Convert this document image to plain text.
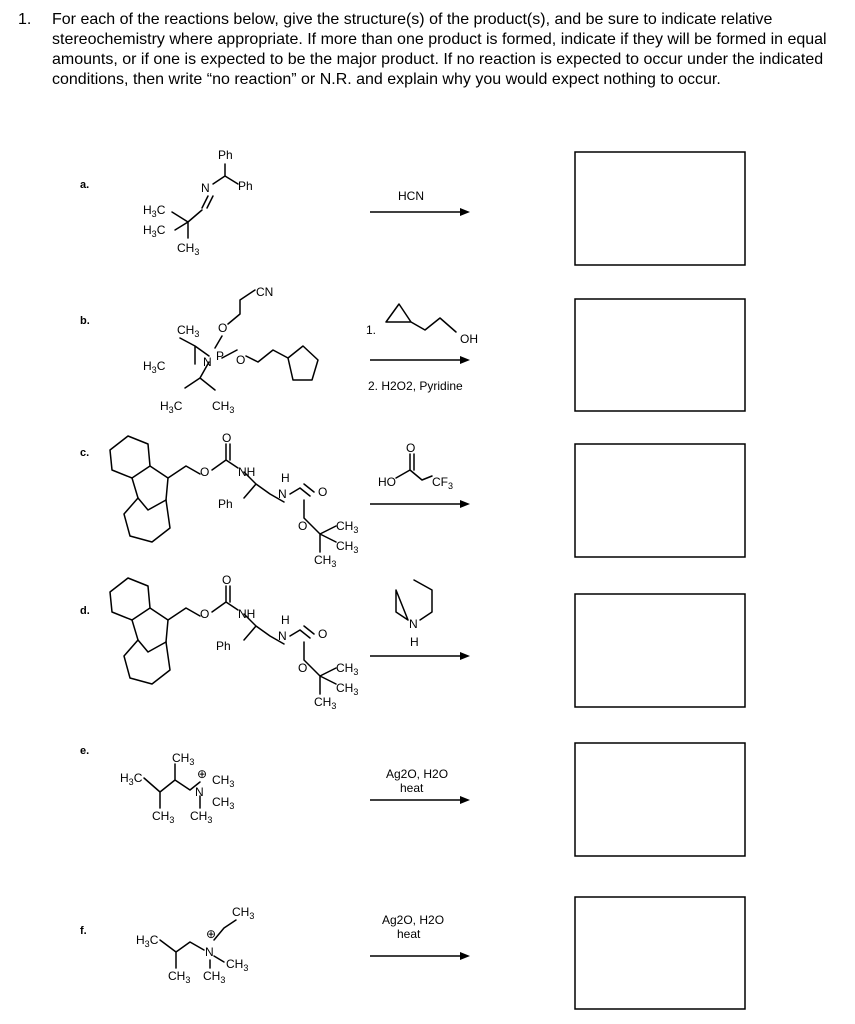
1. For each of the reactions below, give the structure(s) of the product(s), and be sure to indicate relative stereochemistry where appropriate. If more than one product is formed, indicate if they will be formed in equal amounts, or if one is expected to be the major product. If no reaction is expected to occur under the indicated conditions, then write “no reaction” or N.R. and explain why you would expect nothing to occur.
a.
Ph
Ph
N
$H_3C$
$H_3C$
$CH_3$
HCN
b.
CN
O
$CH_3$
$H_3C$	N P O
$H_3C$ $CH_3$
1.
OH
2. H2O2, Pyridine
c.
O
O
NH
Ph
H
N	O
O $CH_3$
$CH_3$
$CH_3$
O
HO	$CF_3$
d.	O
O
NH
Ph
H
N	O
O $CH_3$
$CH_3$
$CH_3$
N
H
e.	$CH_3$
$H_3C$	⊕
N
$CH_3$
$CH_3$
$CH_3$ $CH_3$
Ag2O, H2O
heat
f.
$CH_3$
$H_3C$	⊕
N
$CH_3$
$CH_3$ $CH_3$
Ag2O, H2O
heat
